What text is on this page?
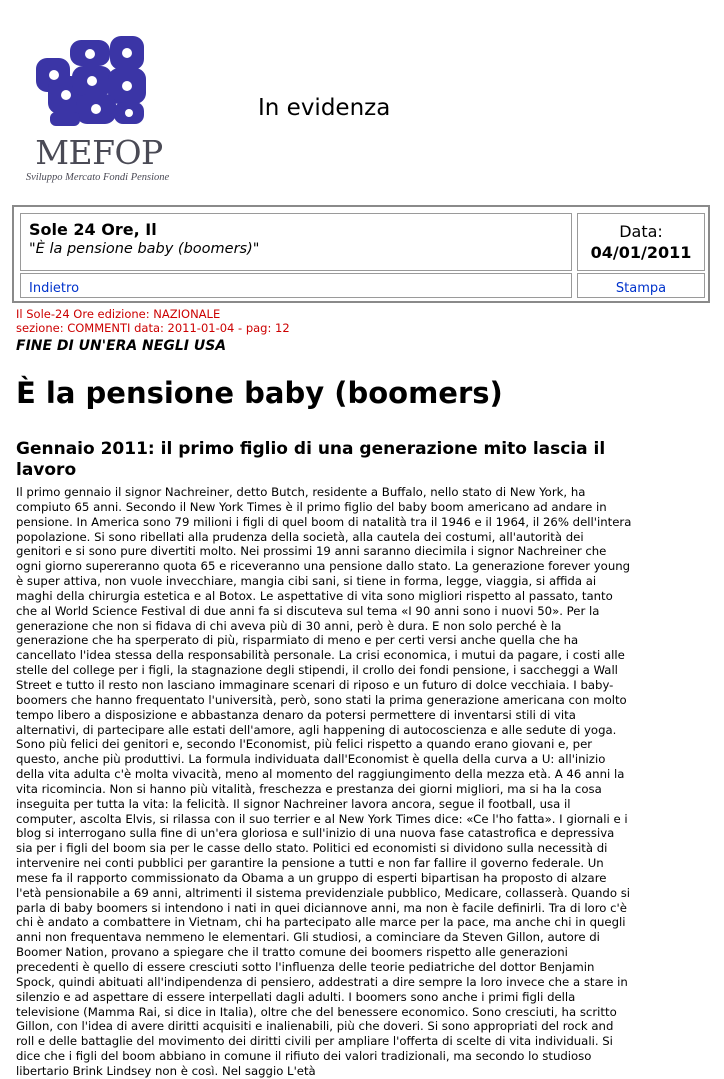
MEFOP
Sviluppo Mercato Fondi Pensione
In evidenza
Sole 24 Ore, Il
"È la pensione baby (boomers)"
Data:
04/01/2011
Indietro	Stampa
Il Sole-24 Ore edizione: NAZIONALE
sezione: COMMENTI data: 2011-01-04 - pag: 12
FINE DI UN'ERA NEGLI USA
È la pensione baby (boomers)
Gennaio 2011: il primo figlio di una generazione mito lascia il lavoro

Il primo gennaio il signor Nachreiner, detto Butch, residente a Buffalo, nello stato di New York, ha compiuto 65 anni. Secondo il New York Times è il primo figlio del baby boom americano ad andare in pensione. In America sono 79 milioni i figli di quel boom di natalità tra il 1946 e il 1964, il 26% dell'intera popolazione. Si sono ribellati alla prudenza della società, alla cautela dei costumi, all'autorità dei genitori e si sono pure divertiti molto. Nei prossimi 19 anni saranno diecimila i signor Nachreiner che ogni giorno supereranno quota 65 e riceveranno una pensione dallo stato. La generazione forever young è super attiva, non vuole invecchiare, mangia cibi sani, si tiene in forma, legge, viaggia, si affida ai maghi della chirurgia estetica e al Botox. Le aspettative di vita sono migliori rispetto al passato, tanto che al World Science Festival di due anni fa si discuteva sul tema «I 90 anni sono i nuovi 50». Per la generazione che non si fidava di chi aveva più di 30 anni, però è dura. E non solo perché è la generazione che ha sperperato di più, risparmiato di meno e per certi versi anche quella che ha cancellato l'idea stessa della responsabilità personale. La crisi economica, i mutui da pagare, i costi alle stelle del college per i figli, la stagnazione degli stipendi, il crollo dei fondi pensione, i saccheggi a Wall Street e tutto il resto non lasciano immaginare scenari di riposo e un futuro di dolce vecchiaia. I baby-boomers che hanno frequentato l'università, però, sono stati la prima generazione americana con molto tempo libero a disposizione e abbastanza denaro da potersi permettere di inventarsi stili di vita alternativi, di partecipare alle estati dell'amore, agli happening di autocoscienza e alle sedute di yoga. Sono più felici dei genitori e, secondo l'Economist, più felici rispetto a quando erano giovani e, per questo, anche più produttivi. La formula individuata dall'Economist è quella della curva a U: all'inizio della vita adulta c'è molta vivacità, meno al momento del raggiungimento della mezza età. A 46 anni la vita ricomincia. Non si hanno più vitalità, freschezza e prestanza dei giorni migliori, ma si ha la cosa inseguita per tutta la vita: la felicità. Il signor Nachreiner lavora ancora, segue il football, usa il computer, ascolta Elvis, si rilassa con il suo terrier e al New York Times dice: «Ce l'ho fatta». I giornali e i blog si interrogano sulla fine di un'era gloriosa e sull'inizio di una nuova fase catastrofica e depressiva sia per i figli del boom sia per le casse dello stato. Politici ed economisti si dividono sulla necessità di intervenire nei conti pubblici per garantire la pensione a tutti e non far fallire il governo federale. Un mese fa il rapporto commissionato da Obama a un gruppo di esperti bipartisan ha proposto di alzare l'età pensionabile a 69 anni, altrimenti il sistema previdenziale pubblico, Medicare, collasserà. Quando si parla di baby boomers si intendono i nati in quei diciannove anni, ma non è facile definirli. Tra di loro c'è chi è andato a combattere in Vietnam, chi ha partecipato alle marce per la pace, ma anche chi in quegli anni non frequentava nemmeno le elementari. Gli studiosi, a cominciare da Steven Gillon, autore di Boomer Nation, provano a spiegare che il tratto comune dei boomers rispetto alle generazioni precedenti è quello di essere cresciuti sotto l'influenza delle teorie pediatriche del dottor Benjamin Spock, quindi abituati all'indipendenza di pensiero, addestrati a dire sempre la loro invece che a stare in silenzio e ad aspettare di essere interpellati dagli adulti. I boomers sono anche i primi figli della televisione (Mamma Rai, si dice in Italia), oltre che del benessere economico. Sono cresciuti, ha scritto Gillon, con l'idea di avere diritti acquisiti e inalienabili, più che doveri. Si sono appropriati del rock and roll e delle battaglie del movimento dei diritti civili per ampliare l'offerta di scelte di vita individuali. Si dice che i figli del boom abbiano in comune il rifiuto dei valori tradizionali, ma secondo lo studioso libertario Brink Lindsey non è così. Nel saggio L'età
